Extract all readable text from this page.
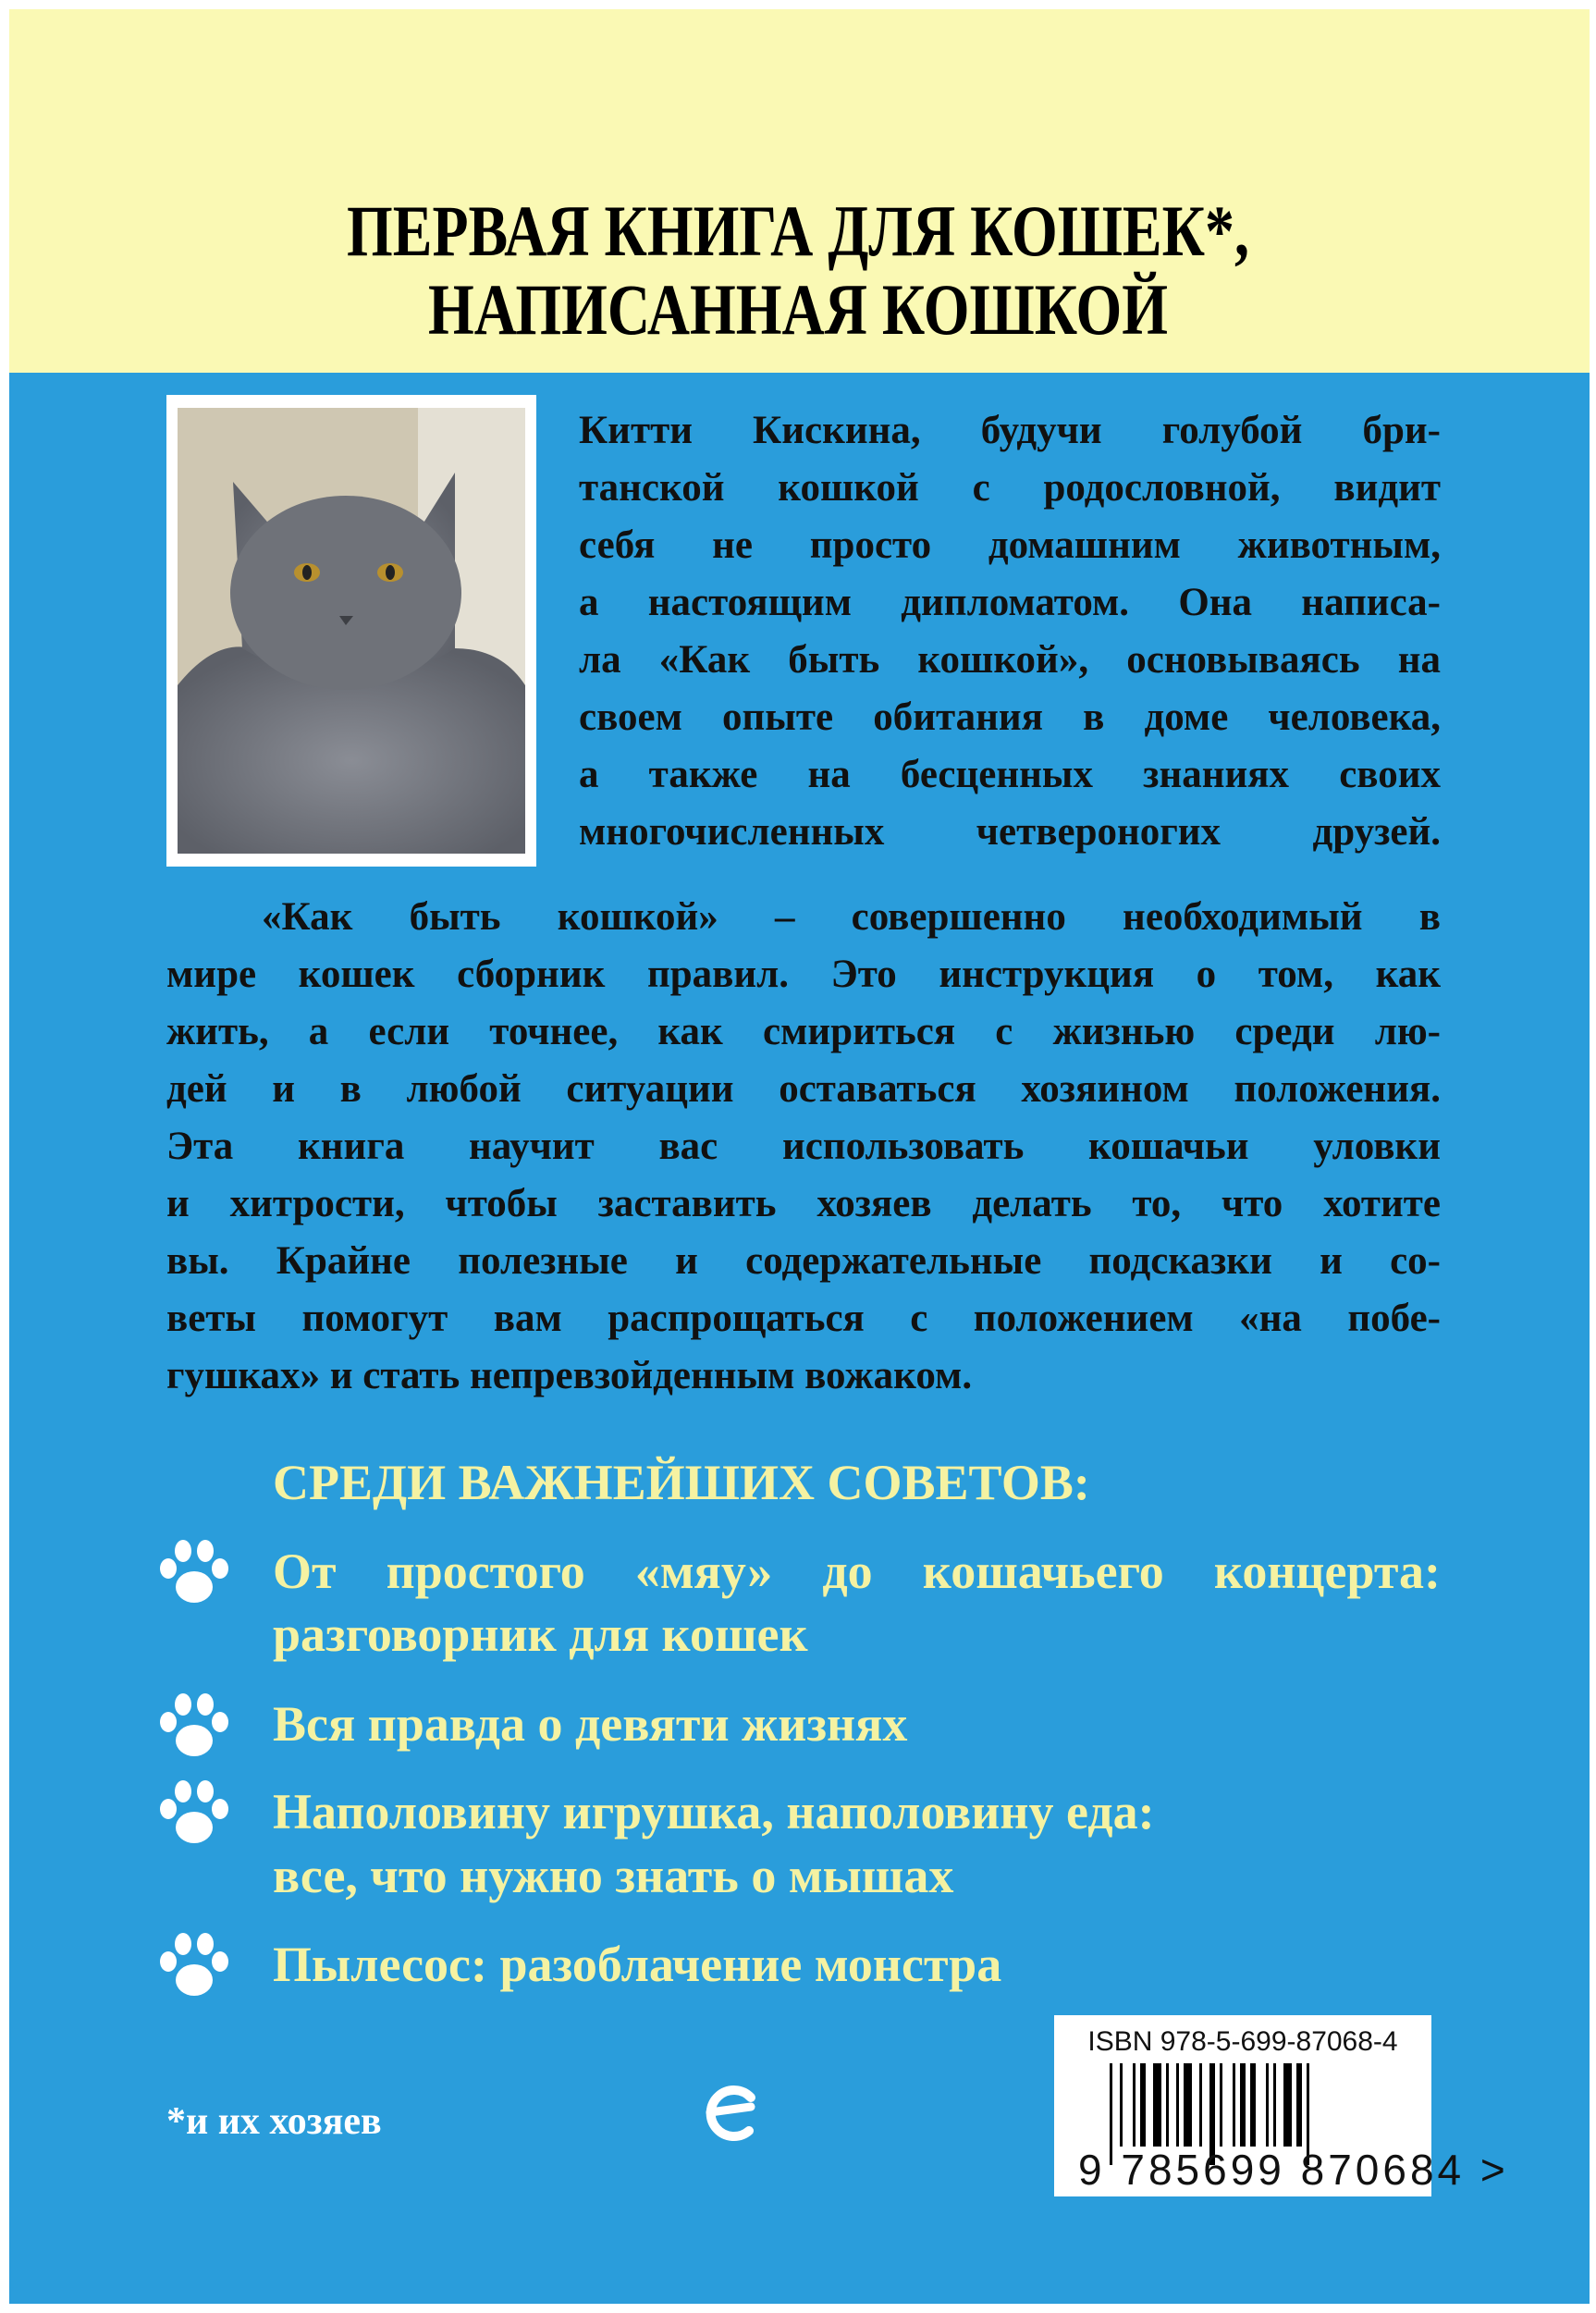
ПЕРВАЯ КНИГА ДЛЯ КОШЕК*,
НАПИСАННАЯ КОШКОЙ
Китти Кискина, будучи голубой бри-
танской кошкой с родословной, видит
себя не просто домашним животным,
а настоящим дипломатом. Она написа-
ла «Как быть кошкой», основываясь на
своем опыте обитания в доме человека,
а также на бесценных знаниях своих
многочисленных четвероногих друзей.
«Как быть кошкой» – совершенно необходимый в
мире кошек сборник правил. Это инструкция о том, как
жить, а если точнее, как смириться с жизнью среди лю-
дей и в любой ситуации оставаться хозяином положения.
Эта книга научит вас использовать кошачьи уловки
и хитрости, чтобы заставить хозяев делать то, что хотите
вы. Крайне полезные и содержательные подсказки и со-
веты помогут вам распрощаться с положением «на побе-
гушках» и стать непревзойденным вожаком.
СРЕДИ ВАЖНЕЙШИХ СОВЕТОВ:
От простого «мяу» до кошачьего концерта:
разговорник для кошек
Вся правда о девяти жизнях
Наполовину игрушка, наполовину еда:
все, что нужно знать о мышах
Пылесос: разоблачение монстра
*и их хозяев
ISBN 978-5-699-87068-4
9 785699 870684 >
